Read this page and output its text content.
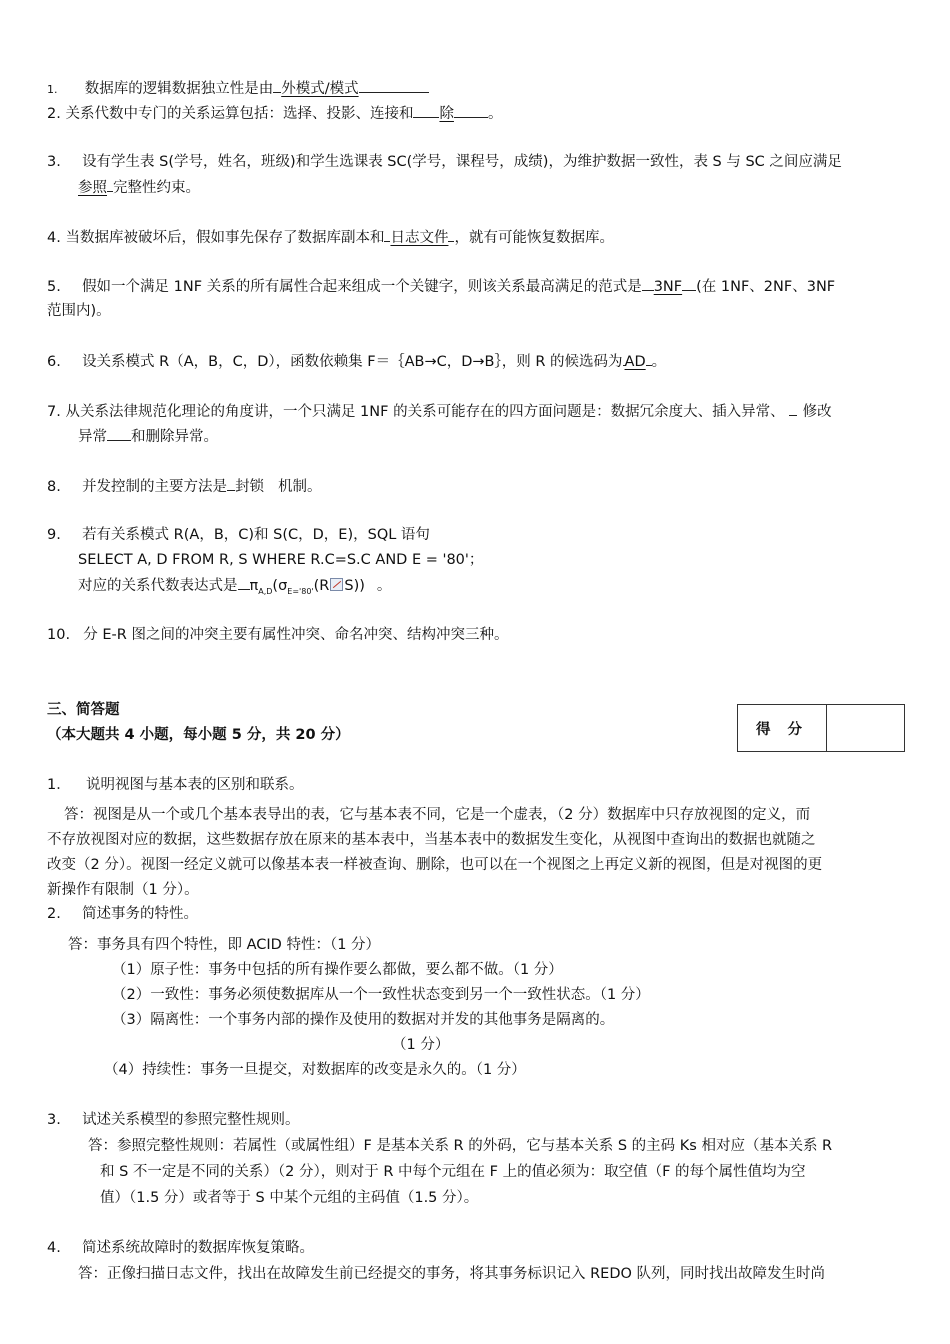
1. 数据库的逻辑数据独立性是由 外模式/模式
2. 关系代数中专门的关系运算包括：选择、投影、连接和 除 。
3. 设有学生表 S(学号，姓名，班级)和学生选课表 SC(学号，课程号，成绩)，为维护数据一致性，表 S 与 SC 之间应满足
参照 完整性约束。
4. 当数据库被破坏后，假如事先保存了数据库副本和 日志文件 ，就有可能恢复数据库。
5. 假如一个满足 1NF 关系的所有属性合起来组成一个关键字，则该关系最高满足的范式是 3NF (在 1NF、2NF、3NF
范围内)。
6. 设关系模式 R（A，B，C，D），函数依赖集 F＝｛AB→C，D→B｝，则 R 的候选码为 AD 。
7. 从关系法律规范化理论的角度讲，一个只满足 1NF 的关系可能存在的四方面问题是：数据冗余度大、插入异常、 修改
异常 和删除异常。
8. 并发控制的主要方法是 封锁 机制。
9. 若有关系模式 R(A，B，C)和 S(C，D，E)，SQL 语句
SELECT A, D FROM R, S WHERE R.C=S.C AND E = '80'；
对应的关系代数表达式是 $\pi_{A,D}(\sigma_{E='80'}(R$ S)) 。
10. 分 E-R 图之间的冲突主要有属性冲突、命名冲突、结构冲突三种。
三、简答题
（本大题共 4 小题，每小题 5 分，共 20 分）	得 分
1． 说明视图与基本表的区别和联系。
答：视图是从一个或几个基本表导出的表，它与基本表不同，它是一个虚表，（2 分）数据库中只存放视图的定义，而
不存放视图对应的数据，这些数据存放在原来的基本表中，当基本表中的数据发生变化，从视图中查询出的数据也就随之
改变（2 分）。视图一经定义就可以像基本表一样被查询、删除，也可以在一个视图之上再定义新的视图，但是对视图的更
新操作有限制（1 分）。
2. 简述事务的特性。
答：事务具有四个特性，即 ACID 特性：（1 分）
（1）原子性：事务中包括的所有操作要么都做，要么都不做。（1 分）
（2）一致性：事务必须使数据库从一个一致性状态变到另一个一致性状态。（1 分）
（3）隔离性：一个事务内部的操作及使用的数据对并发的其他事务是隔离的。
（1 分）
（4）持续性：事务一旦提交，对数据库的改变是永久的。（1 分）
3. 试述关系模型的参照完整性规则。
答：参照完整性规则：若属性（或属性组）F 是基本关系 R 的外码，它与基本关系 S 的主码 Ks 相对应（基本关系 R
和 S 不一定是不同的关系）（2 分），则对于 R 中每个元组在 F 上的值必须为：取空值（F 的每个属性值均为空
值）（1.5 分）或者等于 S 中某个元组的主码值（1.5 分）。
4. 简述系统故障时的数据库恢复策略。
答：正像扫描日志文件，找出在故障发生前已经提交的事务，将其事务标识记入 REDO 队列，同时找出故障发生时尚
